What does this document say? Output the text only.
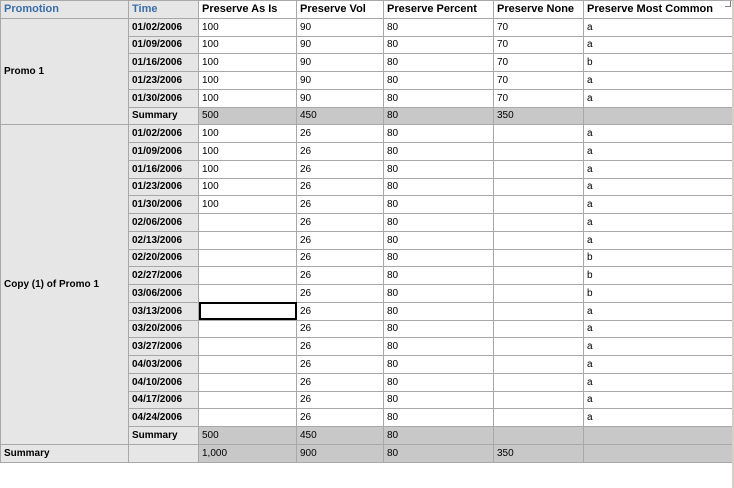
Promotion	Time	Preserve As Is	Preserve Vol	Preserve Percent	Preserve None	Preserve Most Common
Promo 1	01/02/2006	100	90	80	70	a
	01/09/2006	100	90	80	70	a
	01/16/2006	100	90	80	70	b
	01/23/2006	100	90	80	70	a
	01/30/2006	100	90	80	70	a
	Summary	500	450	80	350	
Copy (1) of Promo 1	01/02/2006	100	26	80		a
	01/09/2006	100	26	80		a
	01/16/2006	100	26	80		a
	01/23/2006	100	26	80		a
	01/30/2006	100	26	80		a
	02/06/2006		26	80		a
	02/13/2006		26	80		a
	02/20/2006		26	80		b
	02/27/2006		26	80		b
	03/06/2006		26	80		b
	03/13/2006		26	80		a
	03/20/2006		26	80		a
	03/27/2006		26	80		a
	04/03/2006		26	80		a
	04/10/2006		26	80		a
	04/17/2006		26	80		a
	04/24/2006		26	80		a
	Summary	500	450	80		
Summary		1,000	900	80	350	
